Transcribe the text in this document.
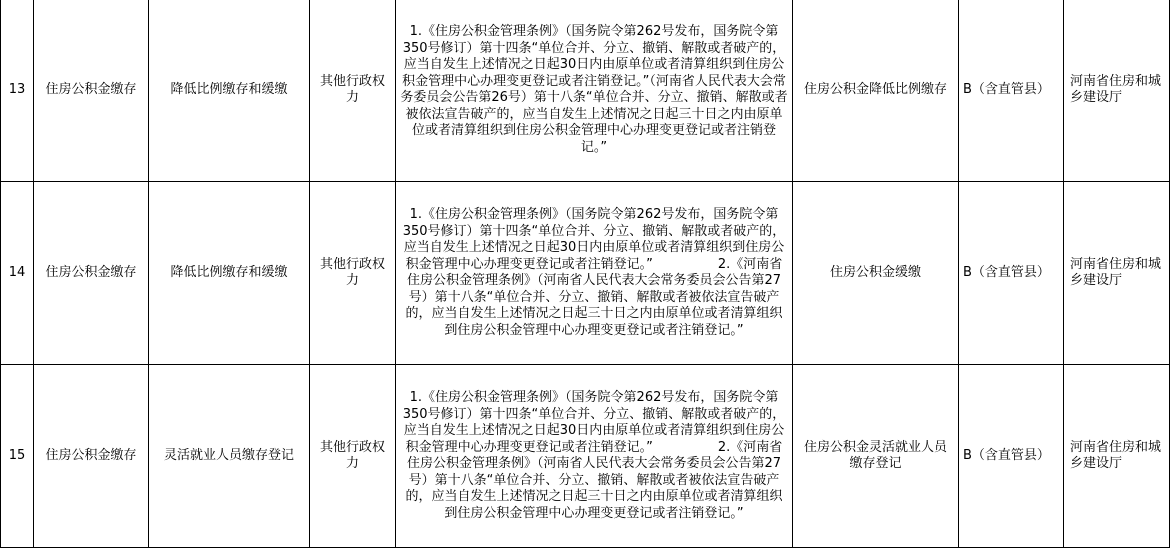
13	住房公积金缴存	降低比例缴存和缓缴	其他行政权力	1.《住房公积金管理条例》（国务院令第262号发布，国务院令第350号修订）第十四条“单位合并、分立、撤销、解散或者破产的，应当自发生上述情况之日起30日内由原单位或者清算组织到住房公积金管理中心办理变更登记或者注销登记。”（河南省人民代表大会常务委员会公告第26号）第十八条“单位合并、分立、撤销、解散或者被依法宣告破产的，应当自发生上述情况之日起三十日之内由原单位或者清算组织到住房公积金管理中心办理变更登记或者注销登记。”	住房公积金降低比例缴存	B（含直管县）	河南省住房和城乡建设厅
14	住房公积金缴存	降低比例缴存和缓缴	其他行政权力	1.《住房公积金管理条例》（国务院令第262号发布，国务院令第350号修订）第十四条“单位合并、分立、撤销、解散或者破产的，应当自发生上述情况之日起30日内由原单位或者清算组织到住房公积金管理中心办理变更登记或者注销登记。”　　　　　2.《河南省住房公积金管理条例》（河南省人民代表大会常务委员会公告第27号）第十八条“单位合并、分立、撤销、解散或者被依法宣告破产的，应当自发生上述情况之日起三十日之内由原单位或者清算组织到住房公积金管理中心办理变更登记或者注销登记。”	住房公积金缓缴	B（含直管县）	河南省住房和城乡建设厅
15	住房公积金缴存	灵活就业人员缴存登记	其他行政权力	1.《住房公积金管理条例》（国务院令第262号发布，国务院令第350号修订）第十四条“单位合并、分立、撤销、解散或者破产的，应当自发生上述情况之日起30日内由原单位或者清算组织到住房公积金管理中心办理变更登记或者注销登记。”　　　　　2.《河南省住房公积金管理条例》（河南省人民代表大会常务委员会公告第27号）第十八条“单位合并、分立、撤销、解散或者被依法宣告破产的，应当自发生上述情况之日起三十日之内由原单位或者清算组织到住房公积金管理中心办理变更登记或者注销登记。”	住房公积金灵活就业人员缴存登记	B（含直管县）	河南省住房和城乡建设厅
